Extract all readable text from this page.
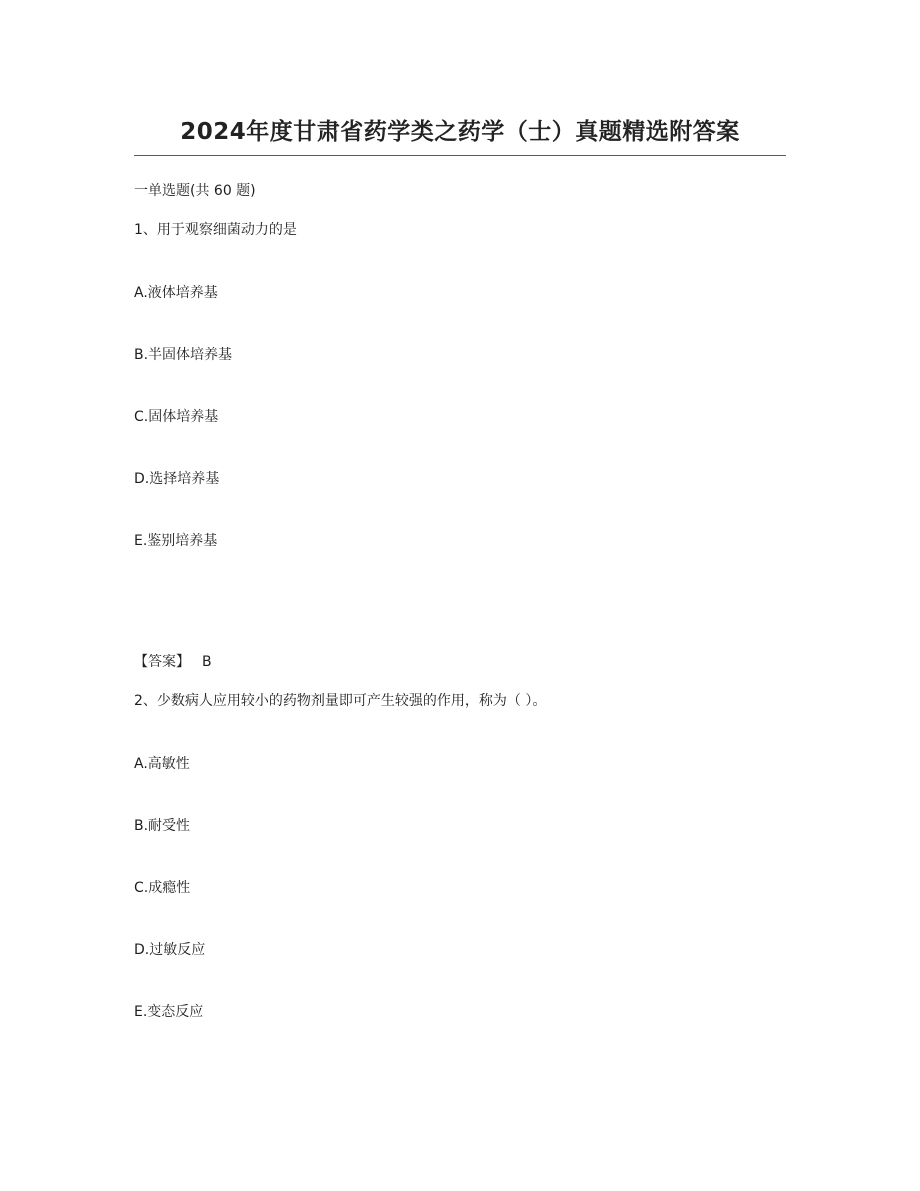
2024年度甘肃省药学类之药学（士）真题精选附答案
一单选题(共 60 题)
1、用于观察细菌动力的是
A.液体培养基
B.半固体培养基
C.固体培养基
D.选择培养基
E.鉴别培养基
【答案】 B
2、少数病人应用较小的药物剂量即可产生较强的作用，称为（ ）。
A.高敏性
B.耐受性
C.成瘾性
D.过敏反应
E.变态反应
